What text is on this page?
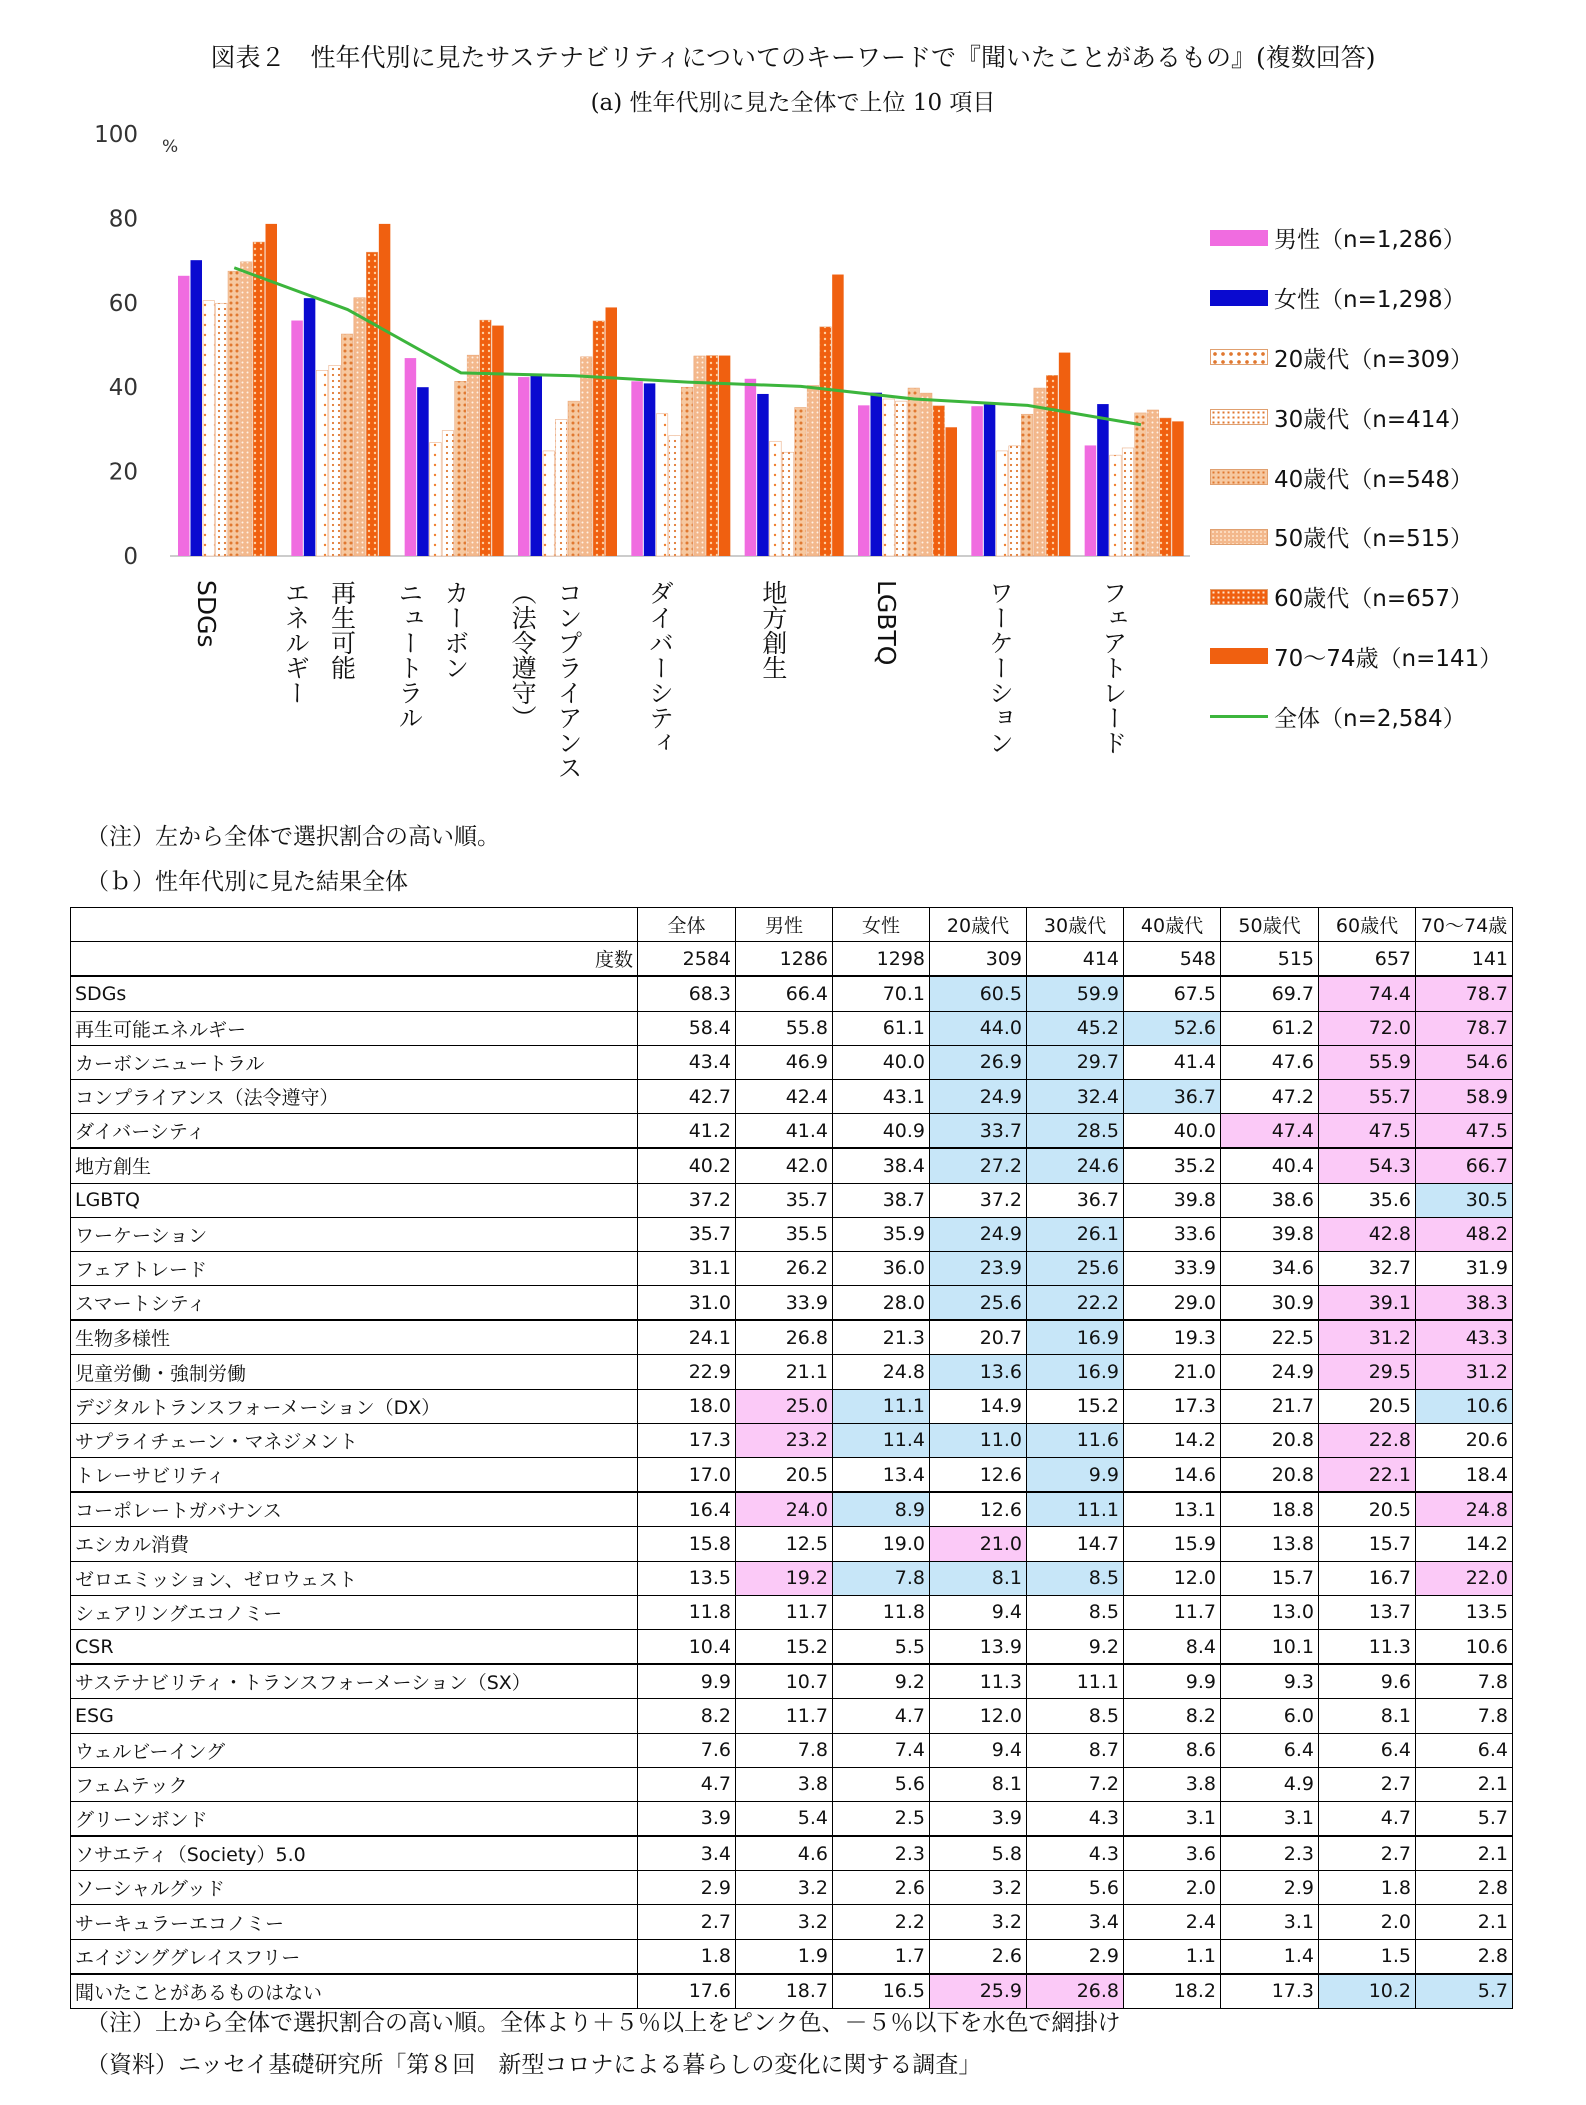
図表２　性年代別に見たサステナビリティについてのキーワードで『聞いたことがあるもの』(複数回答)
(a) 性年代別に見た全体で上位 10 項目
0
20
40
60
80
100 %
SDGs	再生可能
エネルギー	カーボン
ニュートラル	コンプライアンス
（法令遵守）	ダイバーシティ	地方創生	LGBTQ	ワーケーション	フェアトレード
男性（n=1,286）
女性（n=1,298）
20歳代（n=309）
30歳代（n=414）
40歳代（n=548）
50歳代（n=515）
60歳代（n=657）
70～74歳（n=141）
全体（n=2,584）
（注）左から全体で選択割合の高い順。
（ｂ）性年代別に見た結果全体
	全体	男性	女性	20歳代	30歳代	40歳代	50歳代	60歳代	70～74歳
度数	2584	1286	1298	309	414	548	515	657	141
SDGs	68.3	66.4	70.1	60.5	59.9	67.5	69.7	74.4	78.7
再生可能エネルギー	58.4	55.8	61.1	44.0	45.2	52.6	61.2	72.0	78.7
カーボンニュートラル	43.4	46.9	40.0	26.9	29.7	41.4	47.6	55.9	54.6
コンプライアンス（法令遵守）	42.7	42.4	43.1	24.9	32.4	36.7	47.2	55.7	58.9
ダイバーシティ	41.2	41.4	40.9	33.7	28.5	40.0	47.4	47.5	47.5
地方創生	40.2	42.0	38.4	27.2	24.6	35.2	40.4	54.3	66.7
LGBTQ	37.2	35.7	38.7	37.2	36.7	39.8	38.6	35.6	30.5
ワーケーション	35.7	35.5	35.9	24.9	26.1	33.6	39.8	42.8	48.2
フェアトレード	31.1	26.2	36.0	23.9	25.6	33.9	34.6	32.7	31.9
スマートシティ	31.0	33.9	28.0	25.6	22.2	29.0	30.9	39.1	38.3
生物多様性	24.1	26.8	21.3	20.7	16.9	19.3	22.5	31.2	43.3
児童労働・強制労働	22.9	21.1	24.8	13.6	16.9	21.0	24.9	29.5	31.2
デジタルトランスフォーメーション（DX）	18.0	25.0	11.1	14.9	15.2	17.3	21.7	20.5	10.6
サプライチェーン・マネジメント	17.3	23.2	11.4	11.0	11.6	14.2	20.8	22.8	20.6
トレーサビリティ	17.0	20.5	13.4	12.6	9.9	14.6	20.8	22.1	18.4
コーポレートガバナンス	16.4	24.0	8.9	12.6	11.1	13.1	18.8	20.5	24.8
エシカル消費	15.8	12.5	19.0	21.0	14.7	15.9	13.8	15.7	14.2
ゼロエミッション、ゼロウェスト	13.5	19.2	7.8	8.1	8.5	12.0	15.7	16.7	22.0
シェアリングエコノミー	11.8	11.7	11.8	9.4	8.5	11.7	13.0	13.7	13.5
CSR	10.4	15.2	5.5	13.9	9.2	8.4	10.1	11.3	10.6
サステナビリティ・トランスフォーメーション（SX）	9.9	10.7	9.2	11.3	11.1	9.9	9.3	9.6	7.8
ESG	8.2	11.7	4.7	12.0	8.5	8.2	6.0	8.1	7.8
ウェルビーイング	7.6	7.8	7.4	9.4	8.7	8.6	6.4	6.4	6.4
フェムテック	4.7	3.8	5.6	8.1	7.2	3.8	4.9	2.7	2.1
グリーンボンド	3.9	5.4	2.5	3.9	4.3	3.1	3.1	4.7	5.7
ソサエティ（Society）5.0	3.4	4.6	2.3	5.8	4.3	3.6	2.3	2.7	2.1
ソーシャルグッド	2.9	3.2	2.6	3.2	5.6	2.0	2.9	1.8	2.8
サーキュラーエコノミー	2.7	3.2	2.2	3.2	3.4	2.4	3.1	2.0	2.1
エイジンググレイスフリー	1.8	1.9	1.7	2.6	2.9	1.1	1.4	1.5	2.8
聞いたことがあるものはない	17.6	18.7	16.5	25.9	26.8	18.2	17.3	10.2	5.7
（注）上から全体で選択割合の高い順。全体より＋５％以上をピンク色、－５％以下を水色で網掛け
（資料）ニッセイ基礎研究所「第８回　新型コロナによる暮らしの変化に関する調査」
